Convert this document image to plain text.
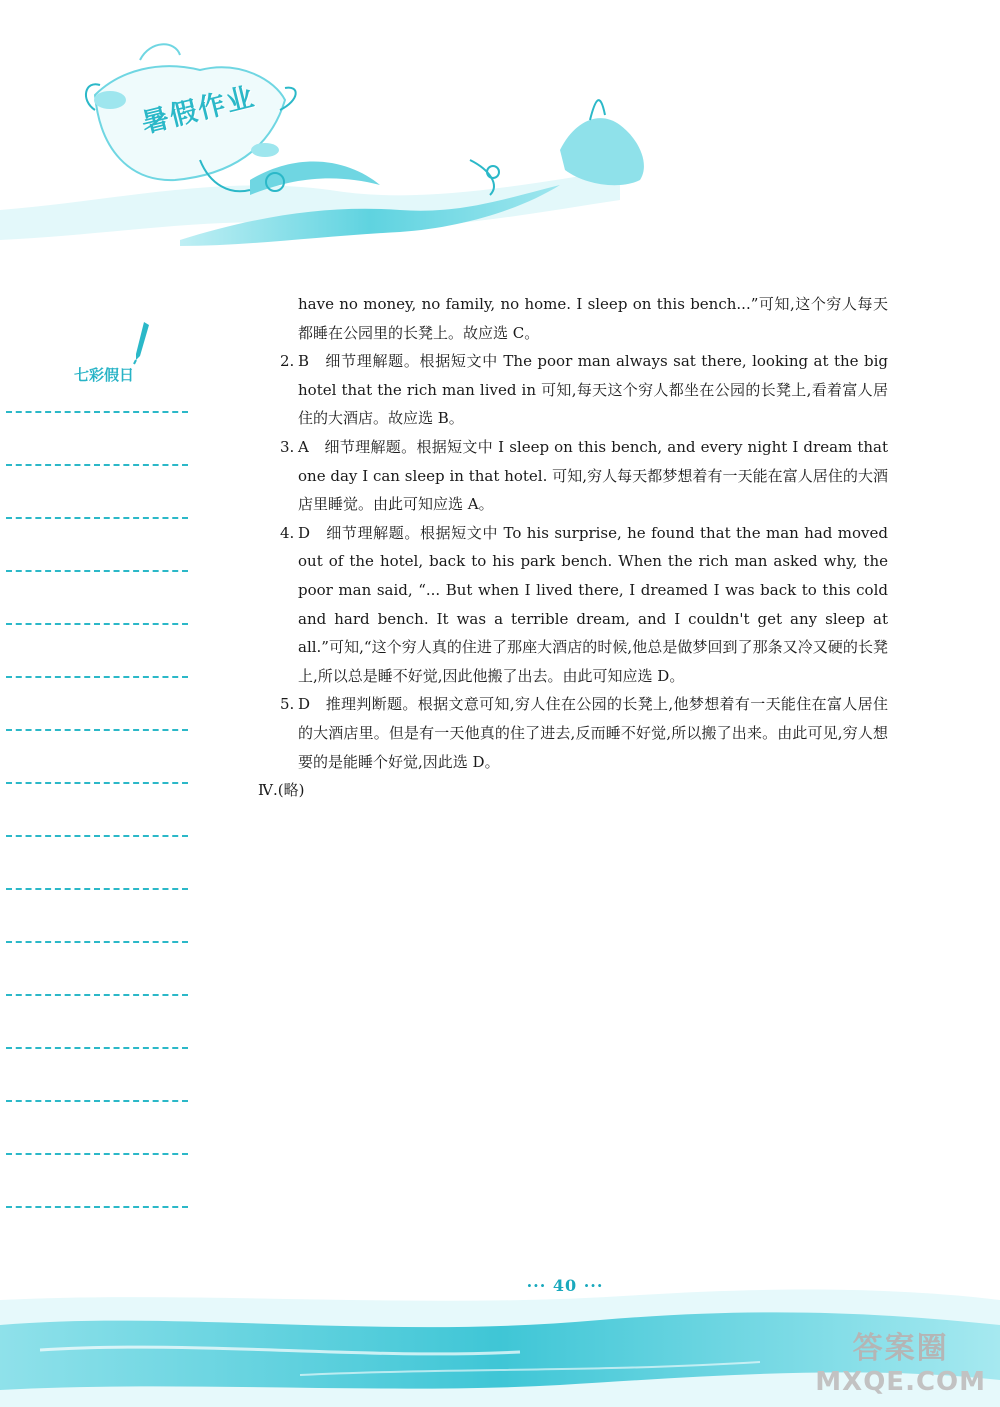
暑假作业
七彩假日
have no money, no family, no home. I sleep on this bench...”可知,这个穷人每天都睡在公园里的长凳上。故应选 C。
2. B　细节理解题。根据短文中 The poor man always sat there, looking at the big hotel that the rich man lived in 可知,每天这个穷人都坐在公园的长凳上,看着富人居住的大酒店。故应选 B。
3. A　细节理解题。根据短文中 I sleep on this bench, and every night I dream that one day I can sleep in that hotel. 可知,穷人每天都梦想着有一天能在富人居住的大酒店里睡觉。由此可知应选 A。
4. D　细节理解题。根据短文中 To his surprise, he found that the man had moved out of the hotel, back to his park bench. When the rich man asked why, the poor man said, “... But when I lived there, I dreamed I was back to this cold and hard bench. It was a terrible dream, and I couldn't get any sleep at all.”可知,“这个穷人真的住进了那座大酒店的时候,他总是做梦回到了那条又冷又硬的长凳上,所以总是睡不好觉,因此他搬了出去。由此可知应选 D。
5. D　推理判断题。根据文意可知,穷人住在公园的长凳上,他梦想着有一天能住在富人居住的大酒店里。但是有一天他真的住了进去,反而睡不好觉,所以搬了出来。由此可见,穷人想要的是能睡个好觉,因此选 D。
Ⅳ.(略)
··· 40 ···
答案圈
MXQE.COM
